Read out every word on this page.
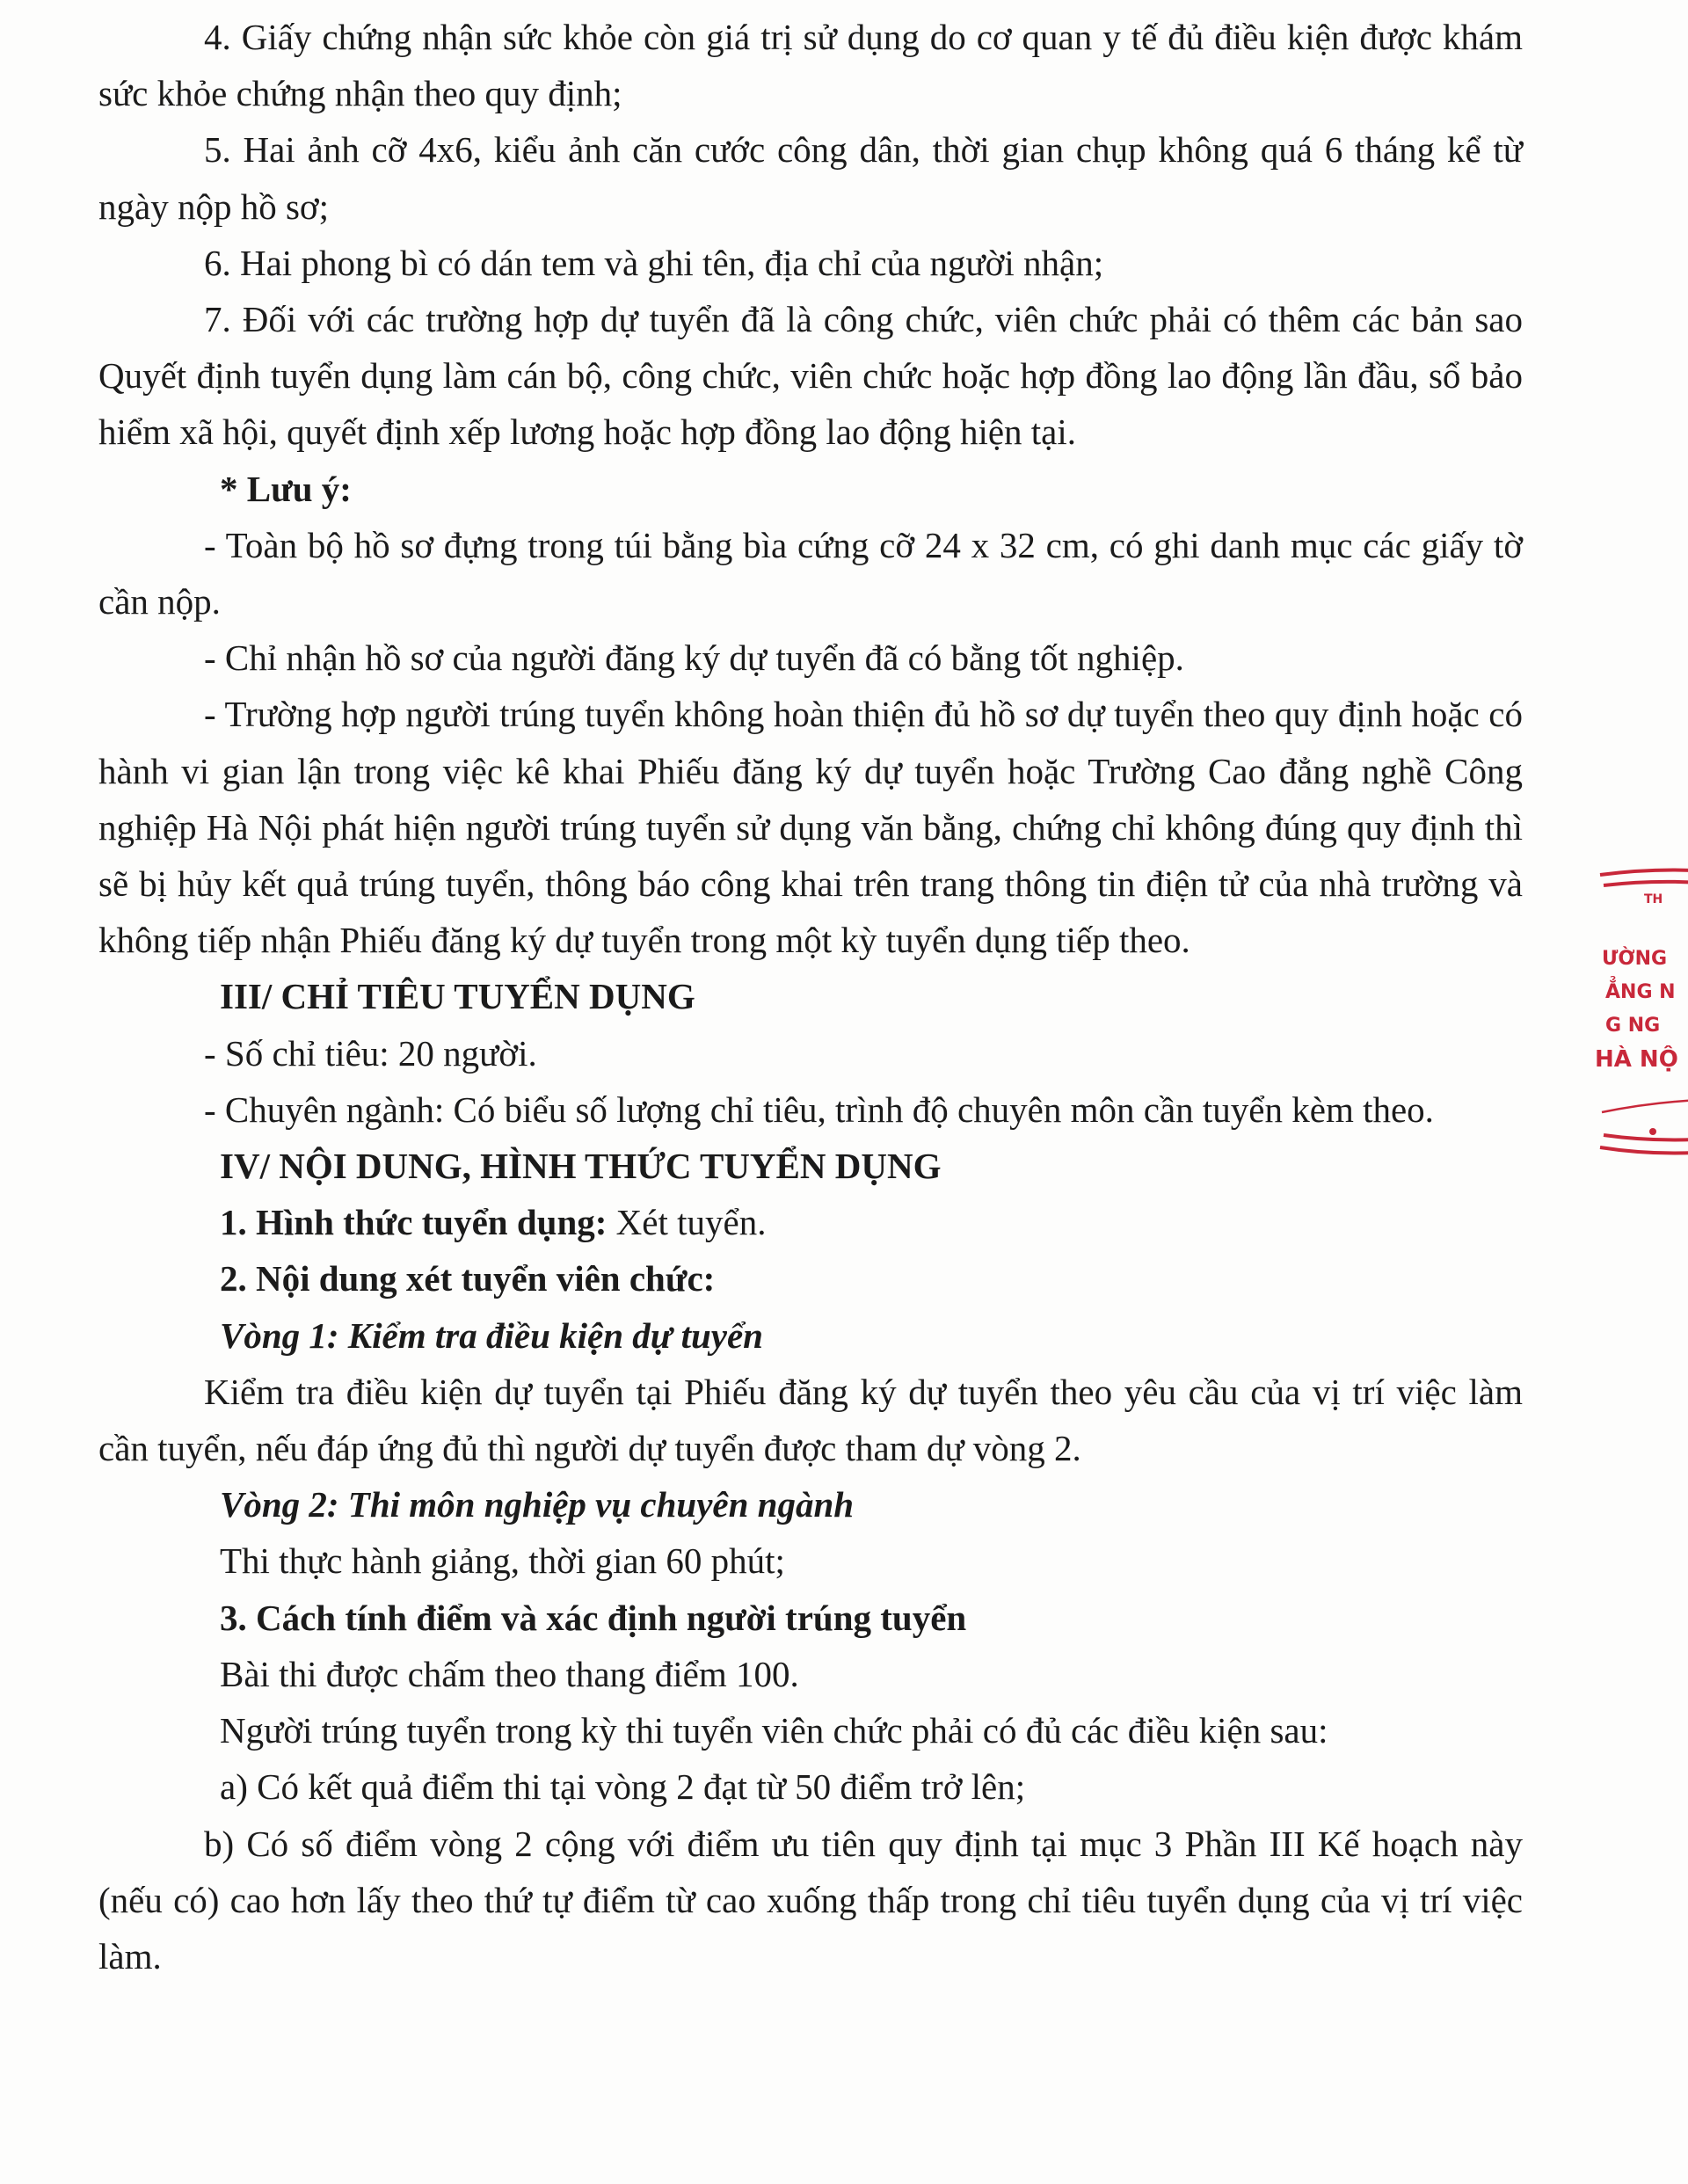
4. Giấy chứng nhận sức khỏe còn giá trị sử dụng do cơ quan y tế đủ điều kiện được khám sức khỏe chứng nhận theo quy định;

5. Hai ảnh cỡ 4x6, kiểu ảnh căn cước công dân, thời gian chụp không quá 6 tháng kể từ ngày nộp hồ sơ;

6. Hai phong bì có dán tem và ghi tên, địa chỉ của người nhận;

7. Đối với các trường hợp dự tuyển đã là công chức, viên chức phải có thêm các bản sao Quyết định tuyển dụng làm cán bộ, công chức, viên chức hoặc hợp đồng lao động lần đầu, sổ bảo hiểm xã hội, quyết định xếp lương hoặc hợp đồng lao động hiện tại.

* Lưu ý:

- Toàn bộ hồ sơ đựng trong túi bằng bìa cứng cỡ 24 x 32 cm, có ghi danh mục các giấy tờ cần nộp.

- Chỉ nhận hồ sơ của người đăng ký dự tuyển đã có bằng tốt nghiệp.

- Trường hợp người trúng tuyển không hoàn thiện đủ hồ sơ dự tuyển theo quy định hoặc có hành vi gian lận trong việc kê khai Phiếu đăng ký dự tuyển hoặc Trường Cao đẳng nghề Công nghiệp Hà Nội phát hiện người trúng tuyển sử dụng văn bằng, chứng chỉ không đúng quy định thì sẽ bị hủy kết quả trúng tuyển, thông báo công khai trên trang thông tin điện tử của nhà trường và không tiếp nhận Phiếu đăng ký dự tuyển trong một kỳ tuyển dụng tiếp theo.

III/ CHỈ TIÊU TUYỂN DỤNG

- Số chỉ tiêu: 20 người.

- Chuyên ngành: Có biểu số lượng chỉ tiêu, trình độ chuyên môn cần tuyển kèm theo.

IV/ NỘI DUNG, HÌNH THỨC TUYỂN DỤNG

1. Hình thức tuyển dụng: Xét tuyển.

2. Nội dung xét tuyển viên chức:

Vòng 1: Kiểm tra điều kiện dự tuyển

Kiểm tra điều kiện dự tuyển tại Phiếu đăng ký dự tuyển theo yêu cầu của vị trí việc làm cần tuyển, nếu đáp ứng đủ thì người dự tuyển được tham dự vòng 2.

Vòng 2: Thi môn nghiệp vụ chuyên ngành

Thi thực hành giảng, thời gian 60 phút;

3. Cách tính điểm và xác định người trúng tuyển

Bài thi được chấm theo thang điểm 100.

Người trúng tuyển trong kỳ thi tuyển viên chức phải có đủ các điều kiện sau:

a) Có kết quả điểm thi tại vòng 2 đạt từ 50 điểm trở lên;

b) Có số điểm vòng 2 cộng với điểm ưu tiên quy định tại mục 3 Phần III Kế hoạch này (nếu có) cao hơn lấy theo thứ tự điểm từ cao xuống thấp trong chỉ tiêu tuyển dụng của vị trí việc làm.

TH
ƯỜNG
ẲNG N
G NG
HÀ NỘ
